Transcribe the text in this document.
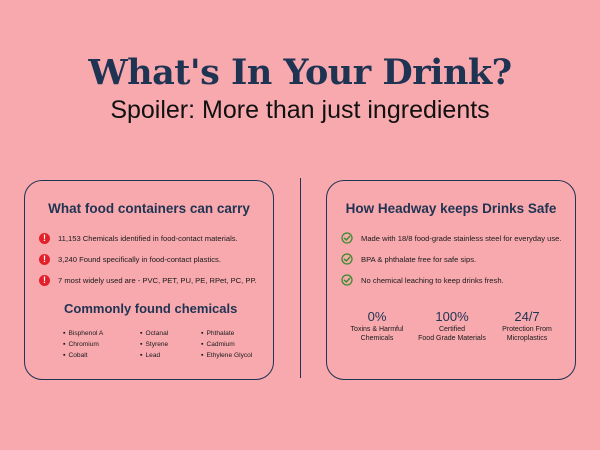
What's In Your Drink?
Spoiler: More than just ingredients
What food containers can carry
!	11,153 Chemicals identified in food-contact materials.
!	3,240 Found specifically in food-contact plastics.
!	7 most widely used are - PVC, PET, PU, PE, RPet, PC, PP.
Commonly found chemicals
▪ Bisphenol A
▪ Chromium
▪ Cobalt
▪ Octanal
▪ Styrene
▪ Lead
▪ Phthalate
▪ Cadmium
▪ Ethylene Glycol
How Headway keeps Drinks Safe
Made with 18/8 food-grade stainless steel for everyday use.
BPA & phthalate free for safe sips.
No chemical leaching to keep drinks fresh.
0%
Toxins & Harmful
Chemicals
100%
Certified
Food Grade Materials
24/7
Protection From
Microplastics
